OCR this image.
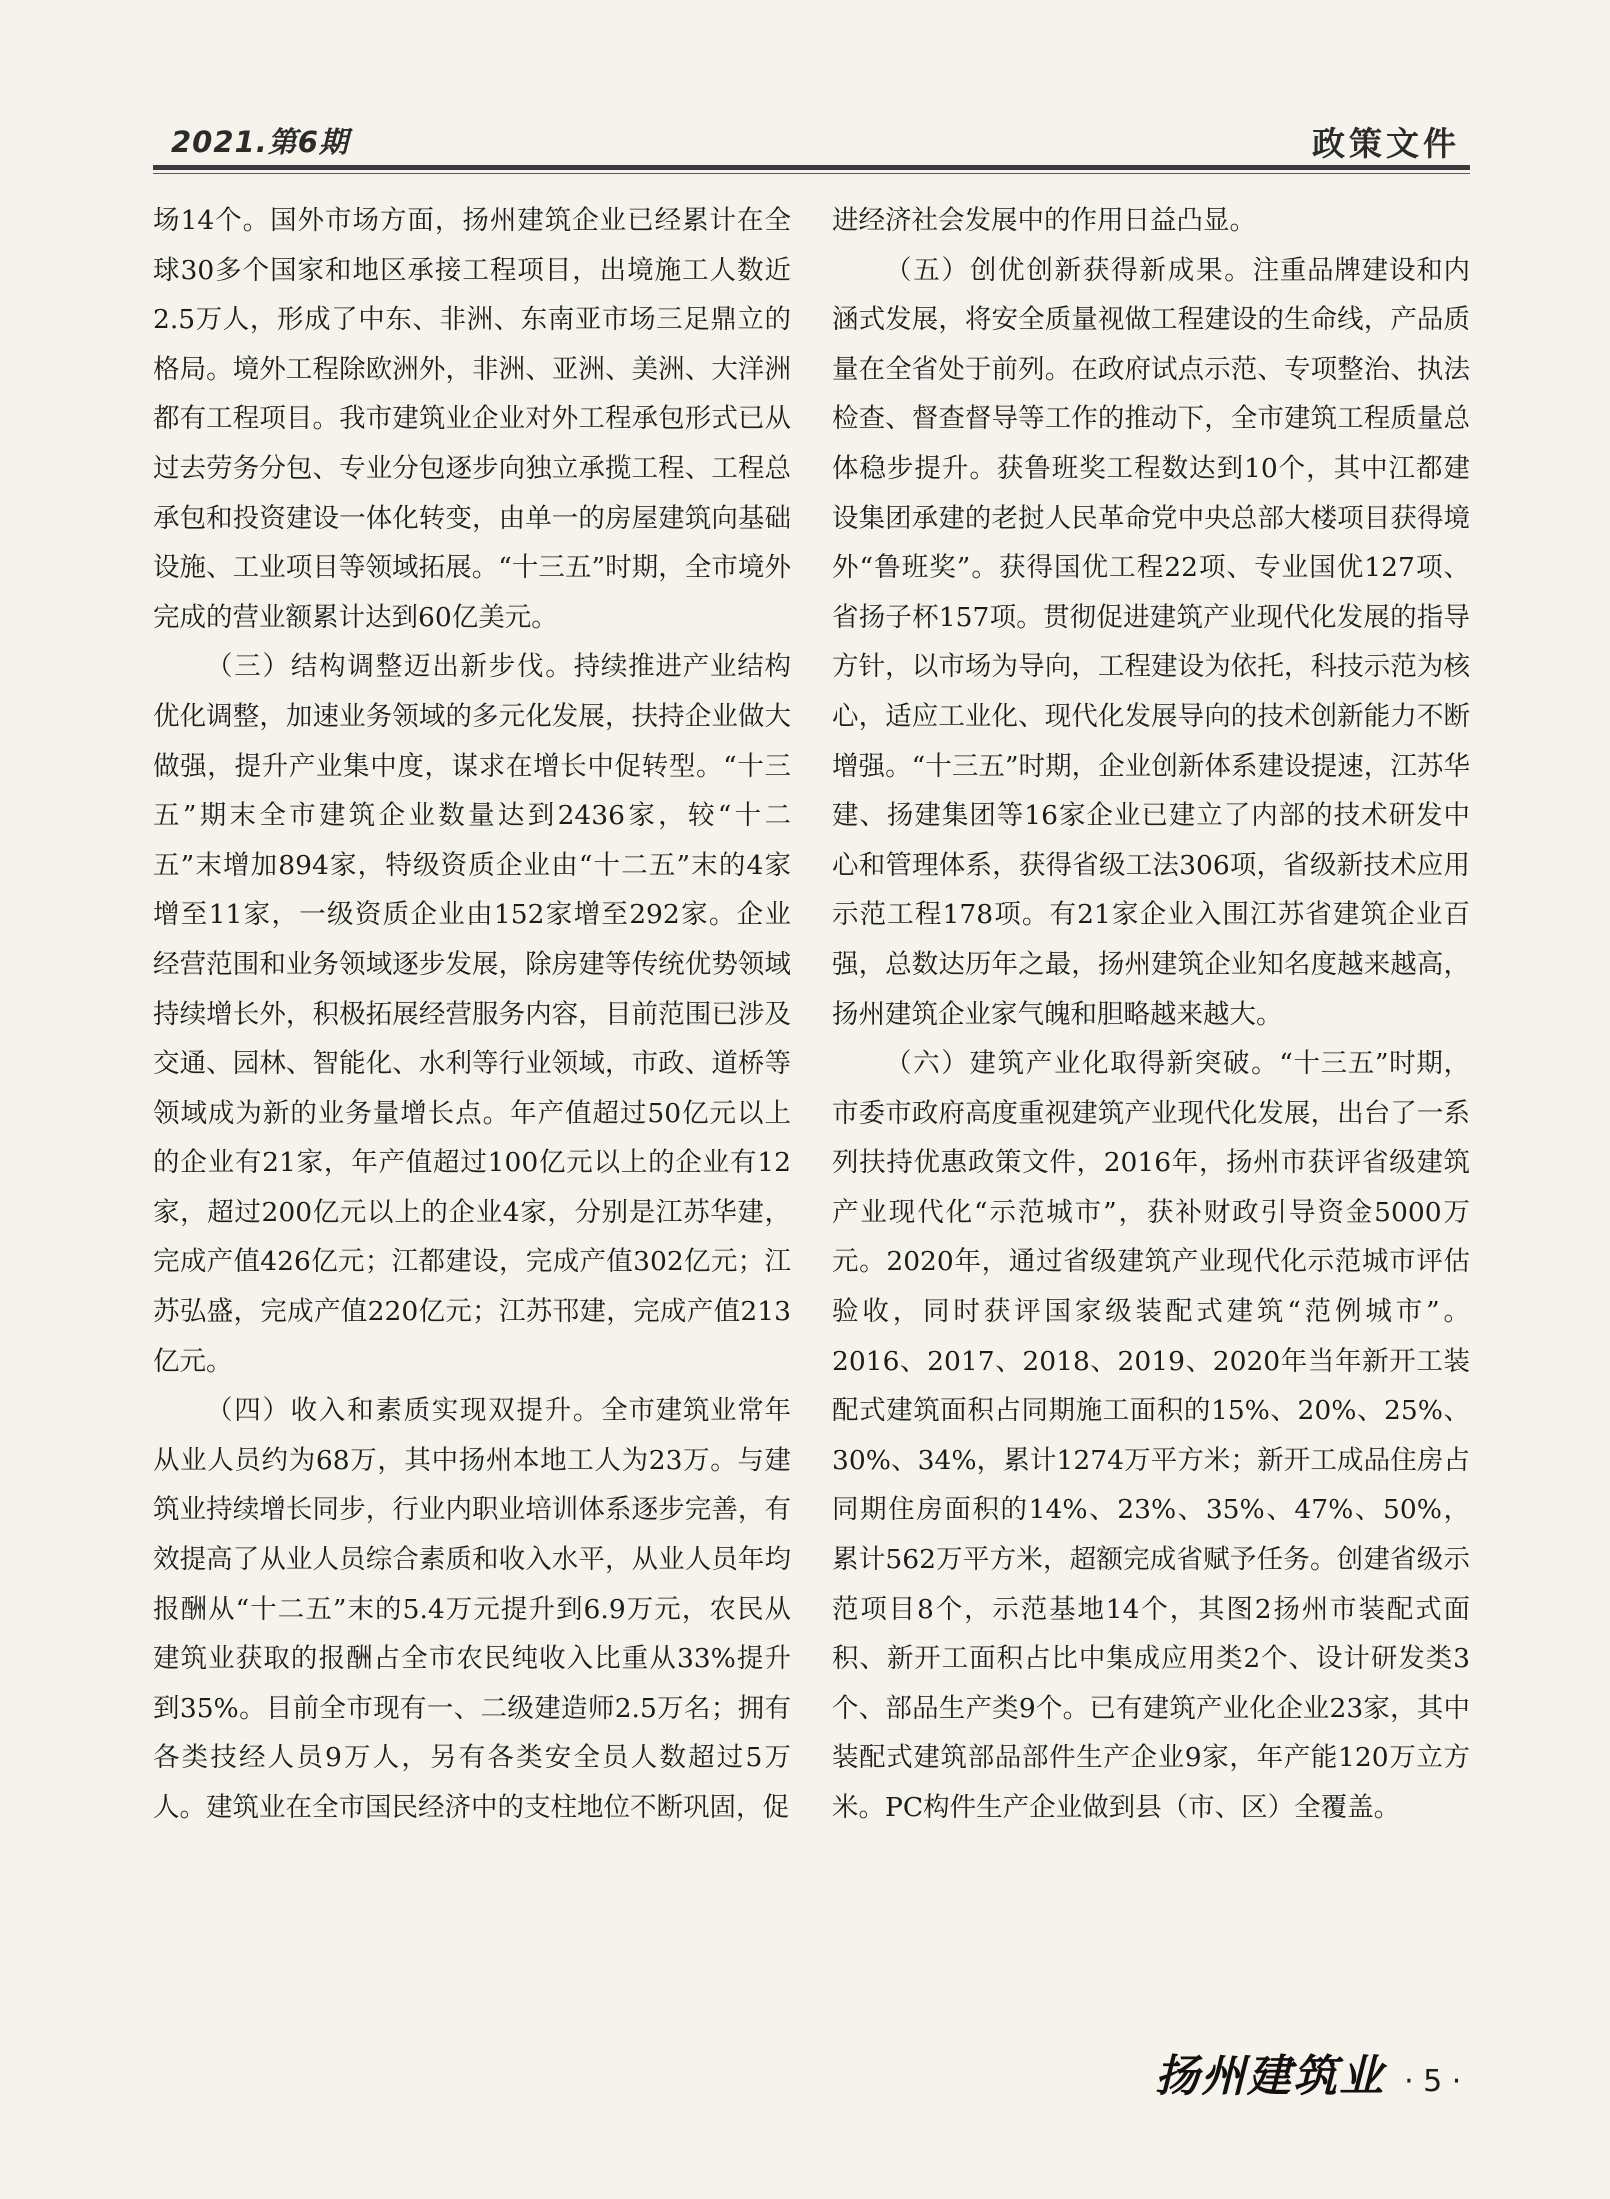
2021.第6期	政策文件

场14个。国外市场方面，扬州建筑企业已经累计在全球30多个国家和地区承接工程项目，出境施工人数近2.5万人，形成了中东、非洲、东南亚市场三足鼎立的格局。境外工程除欧洲外，非洲、亚洲、美洲、大洋洲都有工程项目。我市建筑业企业对外工程承包形式已从过去劳务分包、专业分包逐步向独立承揽工程、工程总承包和投资建设一体化转变，由单一的房屋建筑向基础设施、工业项目等领域拓展。“十三五”时期，全市境外完成的营业额累计达到60亿美元。

（三）结构调整迈出新步伐。持续推进产业结构优化调整，加速业务领域的多元化发展，扶持企业做大做强，提升产业集中度，谋求在增长中促转型。“十三五”期末全市建筑企业数量达到2436家，较“十二五”末增加894家，特级资质企业由“十二五”末的4家增至11家，一级资质企业由152家增至292家。企业经营范围和业务领域逐步发展，除房建等传统优势领域持续增长外，积极拓展经营服务内容，目前范围已涉及交通、园林、智能化、水利等行业领域，市政、道桥等领域成为新的业务量增长点。年产值超过50亿元以上的企业有21家，年产值超过100亿元以上的企业有12家，超过200亿元以上的企业4家，分别是江苏华建，完成产值426亿元；江都建设，完成产值302亿元；江苏弘盛，完成产值220亿元；江苏邗建，完成产值213亿元。

（四）收入和素质实现双提升。全市建筑业常年从业人员约为68万，其中扬州本地工人为23万。与建筑业持续增长同步，行业内职业培训体系逐步完善，有效提高了从业人员综合素质和收入水平，从业人员年均报酬从“十二五”末的5.4万元提升到6.9万元，农民从建筑业获取的报酬占全市农民纯收入比重从33%提升到35%。目前全市现有一、二级建造师2.5万名；拥有各类技经人员9万人，另有各类安全员人数超过5万人。建筑业在全市国民经济中的支柱地位不断巩固，促

进经济社会发展中的作用日益凸显。

（五）创优创新获得新成果。注重品牌建设和内涵式发展，将安全质量视做工程建设的生命线，产品质量在全省处于前列。在政府试点示范、专项整治、执法检查、督查督导等工作的推动下，全市建筑工程质量总体稳步提升。获鲁班奖工程数达到10个，其中江都建设集团承建的老挝人民革命党中央总部大楼项目获得境外“鲁班奖”。获得国优工程22项、专业国优127项、省扬子杯157项。贯彻促进建筑产业现代化发展的指导方针，以市场为导向，工程建设为依托，科技示范为核心，适应工业化、现代化发展导向的技术创新能力不断增强。“十三五”时期，企业创新体系建设提速，江苏华建、扬建集团等16家企业已建立了内部的技术研发中心和管理体系，获得省级工法306项，省级新技术应用示范工程178项。有21家企业入围江苏省建筑企业百强，总数达历年之最，扬州建筑企业知名度越来越高，扬州建筑企业家气魄和胆略越来越大。

（六）建筑产业化取得新突破。“十三五”时期，市委市政府高度重视建筑产业现代化发展，出台了一系列扶持优惠政策文件，2016年，扬州市获评省级建筑产业现代化“示范城市”，获补财政引导资金5000万元。2020年，通过省级建筑产业现代化示范城市评估验收，同时获评国家级装配式建筑“范例城市”。2016、2017、2018、2019、2020年当年新开工装配式建筑面积占同期施工面积的15%、20%、25%、30%、34%，累计1274万平方米；新开工成品住房占同期住房面积的14%、23%、35%、47%、50%，累计562万平方米，超额完成省赋予任务。创建省级示范项目8个，示范基地14个，其图2扬州市装配式面积、新开工面积占比中集成应用类2个、设计研发类3个、部品生产类9个。已有建筑产业化企业23家，其中装配式建筑部品部件生产企业9家，年产能120万立方米。PC构件生产企业做到县（市、区）全覆盖。

扬州建筑业 · 5 ·
